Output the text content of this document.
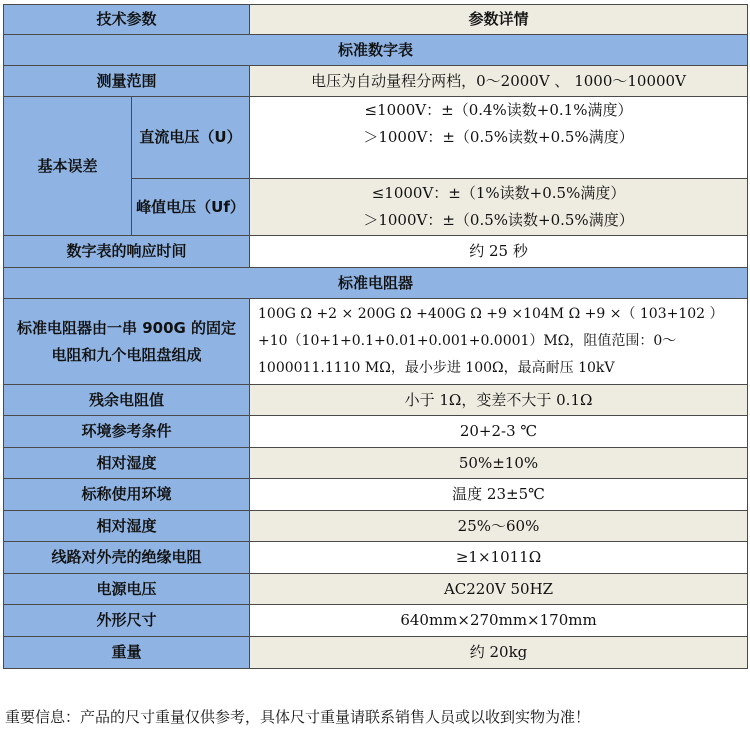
技术参数		参数详情
标准数字表		
测量范围		电压为自动量程分两档，0～2000V 、 1000～10000V
基本误差	直流电压（U）	≤1000V：±（0.4%读数+0.1%满度）
＞1000V：±（0.5%读数+0.5%满度）

	峰值电压（Uf）	≤1000V：±（1%读数+0.5%满度）
＞1000V：±（0.5%读数+0.5%满度）

数字表的响应时间		约 25 秒
标准电阻器		
标准电阻器由一串 900G 的固定电阻和九个电阻盘组成		100G Ω +2 × 200G Ω +400G Ω +9 ×104M Ω +9 ×（ 103+102 ） +10（10+1+0.1+0.01+0.001+0.0001）MΩ，阻值范围：0～1000011.1110 MΩ，最小步进 100Ω，最高耐压 10kV
残余电阻值		小于 1Ω，变差不大于 0.1Ω
环境参考条件		20+2-3 ℃
相对湿度		50%±10%
标称使用环境		温度 23±5℃
相对湿度		25%～60%
线路对外壳的绝缘电阻		≥1×1011Ω
电源电压		AC220V 50HZ
外形尺寸		640mm×270mm×170mm
重量		约 20kg
重要信息：产品的尺寸重量仅供参考，具体尺寸重量请联系销售人员或以收到实物为准！
